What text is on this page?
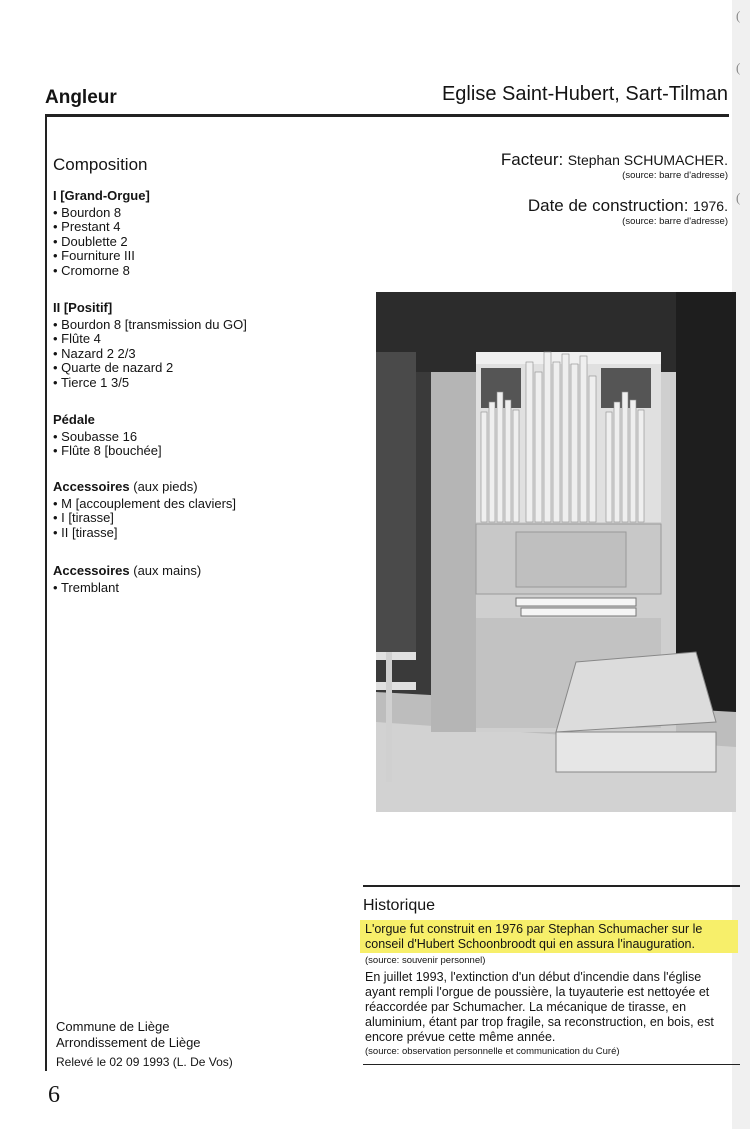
(
(
(
Angleur	Eglise Saint-Hubert, Sart-Tilman
Composition
I [Grand-Orgue]
• Bourdon 8
• Prestant 4
• Doublette 2
• Fourniture III
• Cromorne 8
II [Positif]
• Bourdon 8 [transmission du GO]
• Flûte 4
• Nazard 2 2/3
• Quarte de nazard 2
• Tierce 1 3/5
Pédale
• Soubasse 16
• Flûte 8 [bouchée]
Accessoires (aux pieds)
• M [accouplement des claviers]
• I [tirasse]
• II [tirasse]
Accessoires (aux mains)
• Tremblant
Facteur: Stephan SCHUMACHER.
(source: barre d'adresse)
Date de construction: 1976.
(source: barre d'adresse)
Historique
L'orgue fut construit en 1976 par Stephan Schumacher sur le
conseil d'Hubert Schoonbroodt qui en assura l'inauguration.
(source: souvenir personnel)
En juillet 1993, l'extinction d'un début d'incendie dans l'église
ayant rempli l'orgue de poussière, la tuyauterie est nettoyée et
réaccordée par Schumacher. La mécanique de tirasse, en
aluminium, étant par trop fragile, sa reconstruction, en bois, est
encore prévue cette même année.
(source: observation personnelle et communication du Curé)
Commune de Liège
Arrondissement de Liège
Relevé le 02 09 1993 (L. De Vos)
6
